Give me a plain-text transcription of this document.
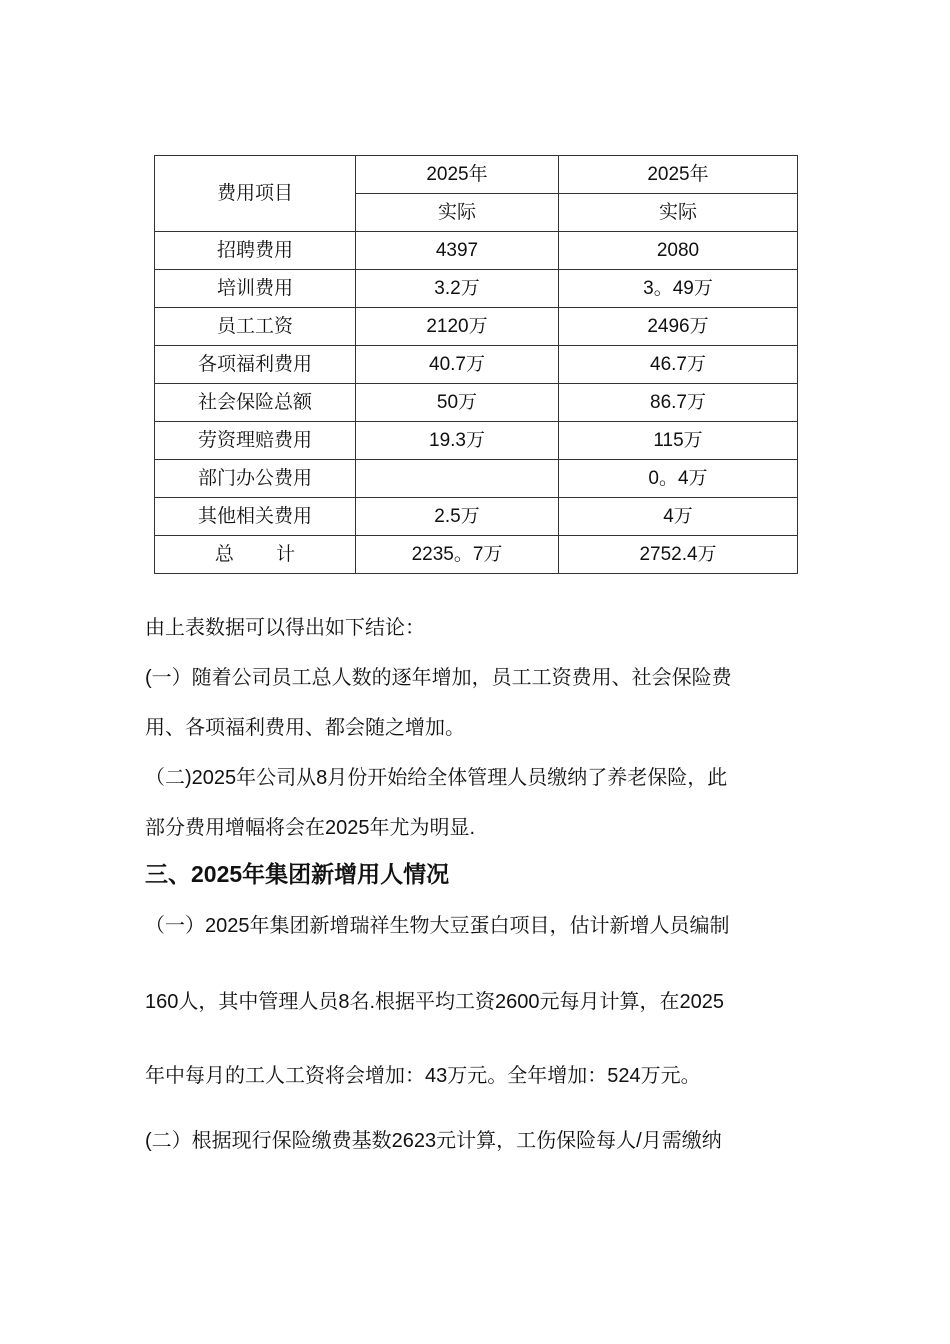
费用项目	2025年	2025年
	实际	实际
招聘费用	4397	2080
培训费用	3.2万	3。49万
员工工资	2120万	2496万
各项福利费用	40.7万	46.7万
社会保险总额	50万	86.7万
劳资理赔费用	19.3万	115万
部门办公费用		0。4万
其他相关费用	2.5万	4万
总        计	2235。7万	2752.4万

由上表数据可以得出如下结论：

(一）随着公司员工总人数的逐年增加，员工工资费用、社会保险费

用、各项福利费用、都会随之增加。

（二)2025年公司从8月份开始给全体管理人员缴纳了养老保险，此

部分费用增幅将会在2025年尤为明显.

三、2025年集团新增用人情况

（一）2025年集团新增瑞祥生物大豆蛋白项目，估计新增人员编制

160人，其中管理人员8名.根据平均工资2600元每月计算，在2025

年中每月的工人工资将会增加：43万元。全年增加：524万元。

(二）根据现行保险缴费基数2623元计算，工伤保险每人/月需缴纳
